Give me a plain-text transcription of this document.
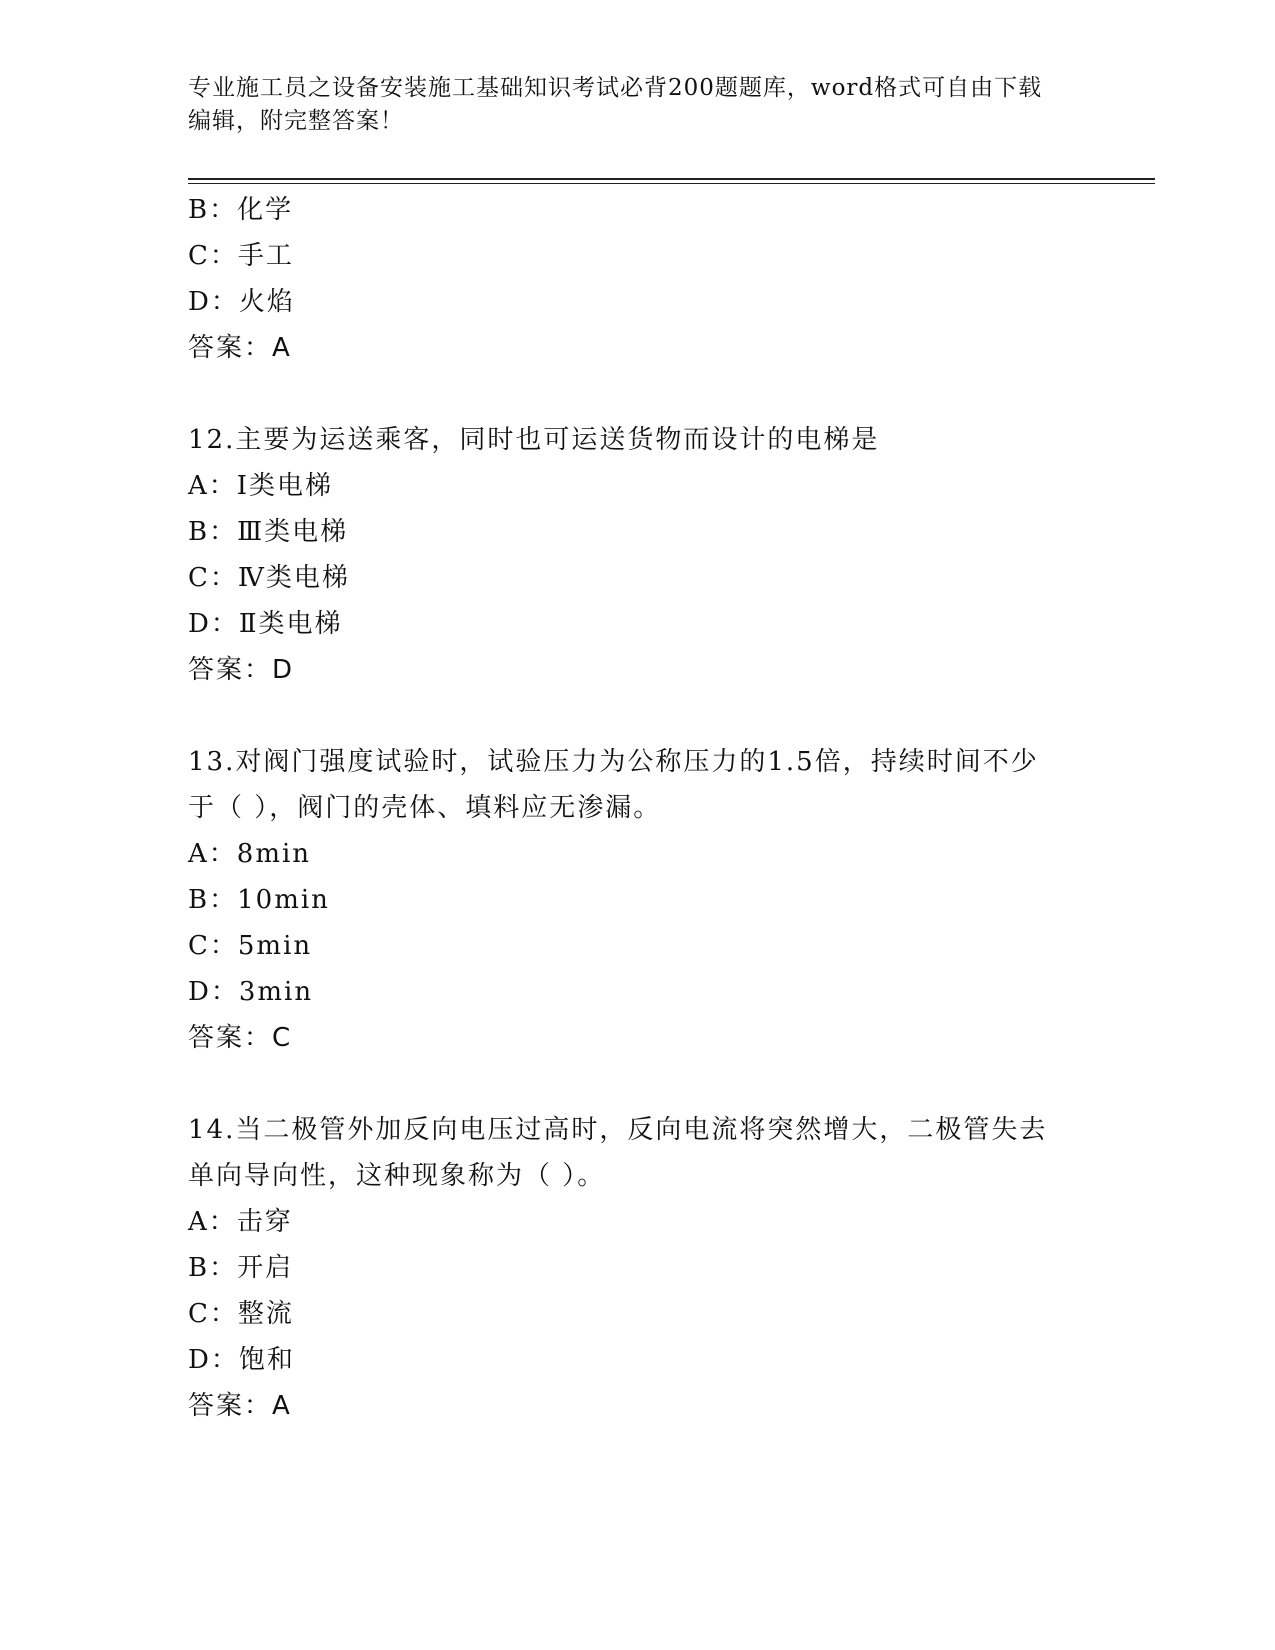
专业施工员之设备安装施工基础知识考试必背200题题库，word格式可自由下载
编辑，附完整答案！
B：化学
C：手工
D：火焰
答案：A
12.主要为运送乘客，同时也可运送货物而设计的电梯是
A：Ⅰ类电梯
B：Ⅲ类电梯
C：Ⅳ类电梯
D：Ⅱ类电梯
答案：D
13.对阀门强度试验时，试验压力为公称压力的1.5倍，持续时间不少
于（ ），阀门的壳体、填料应无渗漏。
A：8min
B：10min
C：5min
D：3min
答案：C
14.当二极管外加反向电压过高时，反向电流将突然增大，二极管失去
单向导向性，这种现象称为（ ）。
A：击穿
B：开启
C：整流
D：饱和
答案：A
